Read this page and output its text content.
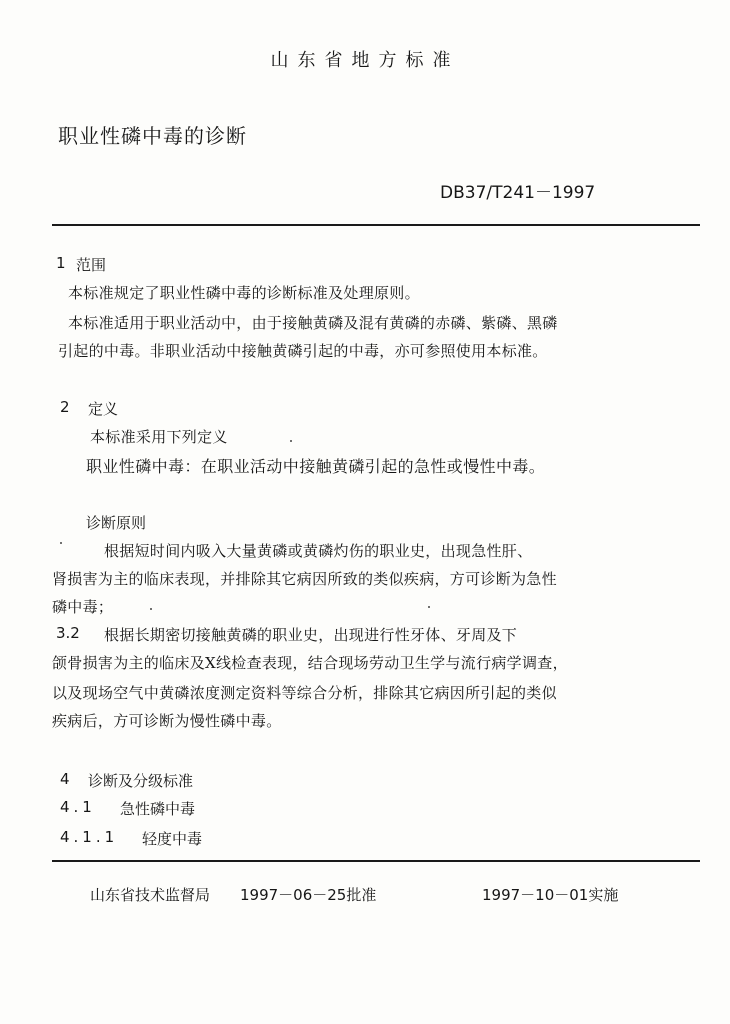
山东省地方标准
职业性磷中毒的诊断
DB37/T241－1997
1 范围
本标准规定了职业性磷中毒的诊断标准及处理原则。
本标准适用于职业活动中，由于接触黄磷及混有黄磷的赤磷、紫磷、黑磷
引起的中毒。非职业活动中接触黄磷引起的中毒，亦可参照使用本标准。
2 定义
本标准采用下列定义
职业性磷中毒：在职业活动中接触黄磷引起的急性或慢性中毒。
诊断原则
根据短时间内吸入大量黄磷或黄磷灼伤的职业史，出现急性肝、
肾损害为主的临床表现，并排除其它病因所致的类似疾病，方可诊断为急性
磷中毒；
3.2 根据长期密切接触黄磷的职业史，出现进行性牙体、牙周及下
颌骨损害为主的临床及X线检查表现，结合现场劳动卫生学与流行病学调查，
以及现场空气中黄磷浓度测定资料等综合分析，排除其它病因所引起的类似
疾病后，方可诊断为慢性磷中毒。
4 诊断及分级标准
4.1 急性磷中毒
4.1.1 轻度中毒
山东省技术监督局 1997－06－25批准	1997－10－01实施
